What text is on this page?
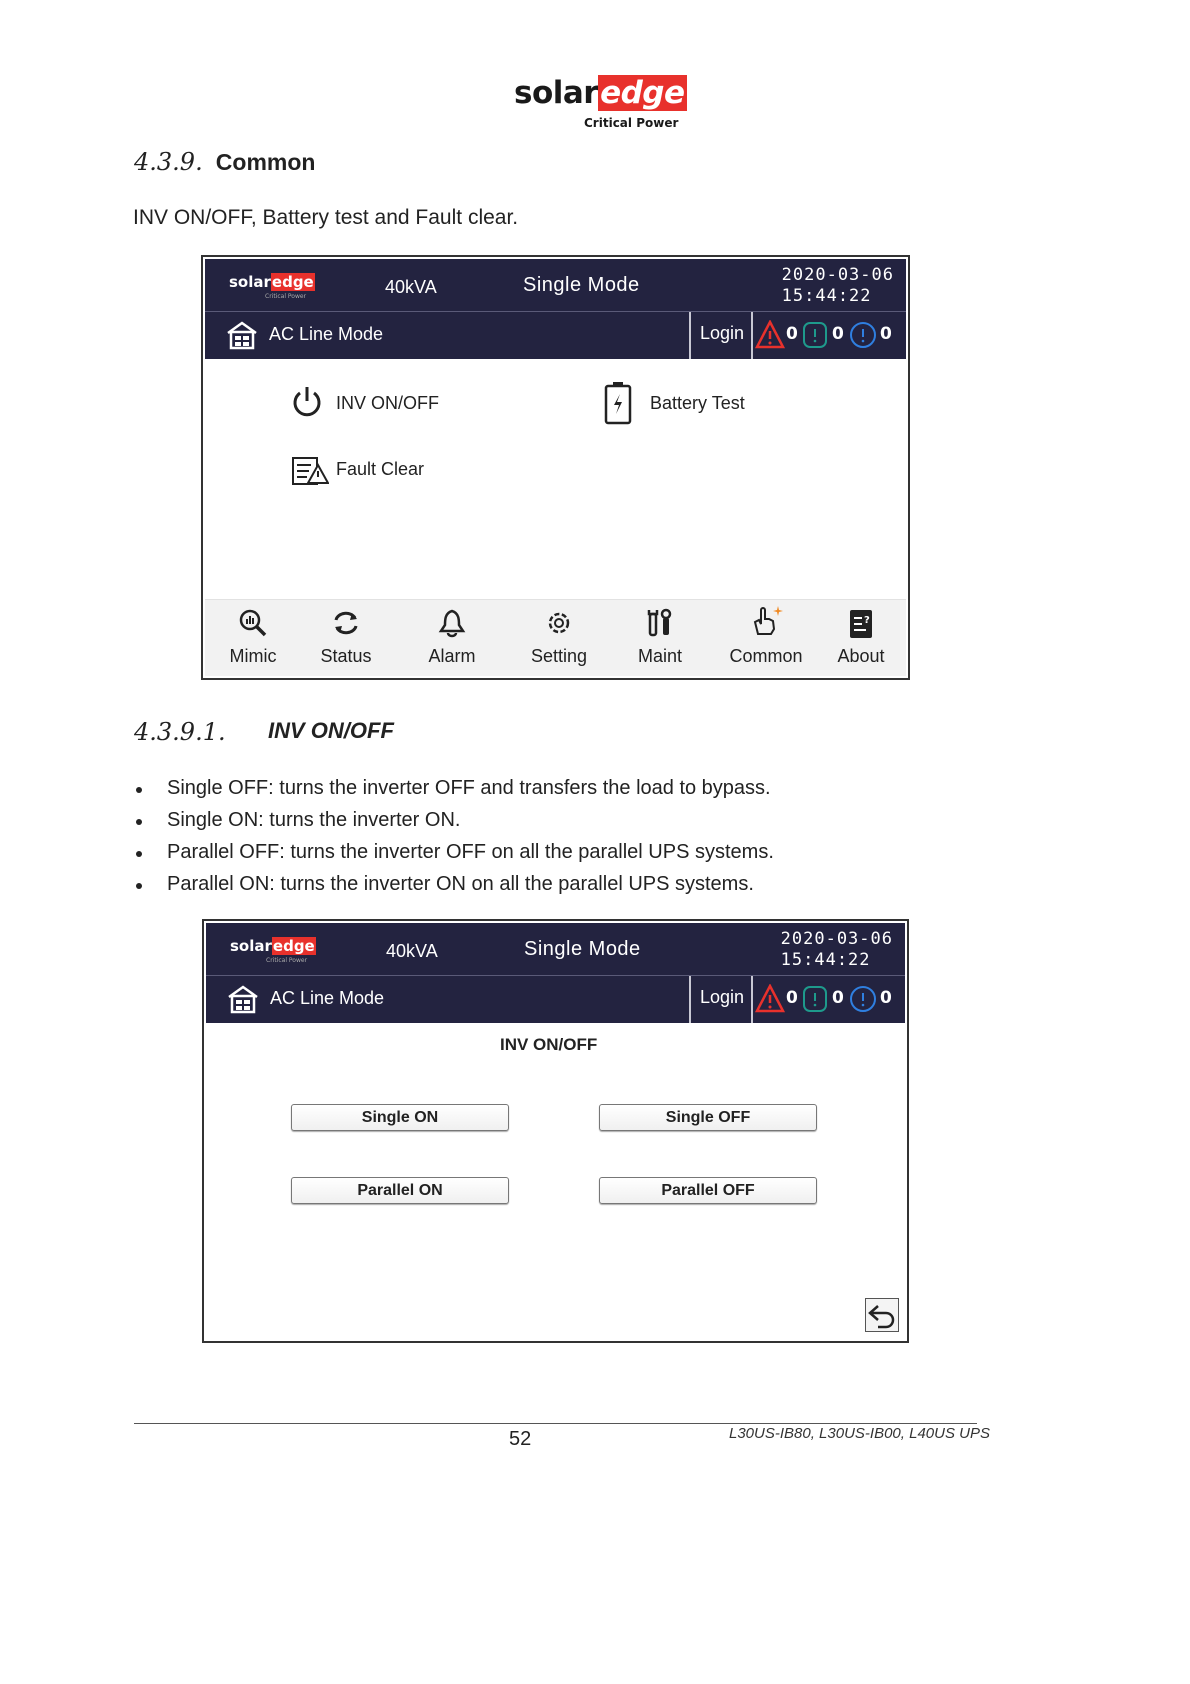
solaredge
Critical Power
4.3.9. Common
INV ON/OFF, Battery test and Fault clear.
solaredge
Critical Power	40kVA	Single Mode	2020-03-06
15:44:22
AC Line Mode	Login 0 0 0
INV ON/OFF	Battery Test
Fault Clear
Mimic	Status	Alarm	Setting	Maint	Common
?
About
4.3.9.1. INV ON/OFF
Single OFF: turns the inverter OFF and transfers the load to bypass.
Single ON: turns the inverter ON.
Parallel OFF: turns the inverter OFF on all the parallel UPS systems.
Parallel ON: turns the inverter ON on all the parallel UPS systems.
solaredge
Critical Power	40kVA	Single Mode	2020-03-06
15:44:22
AC Line Mode	Login 0 0 0
INV ON/OFF
Single ON	Single OFF
Parallel ON	Parallel OFF
52	L30US-IB80, L30US-IB00, L40US UPS
